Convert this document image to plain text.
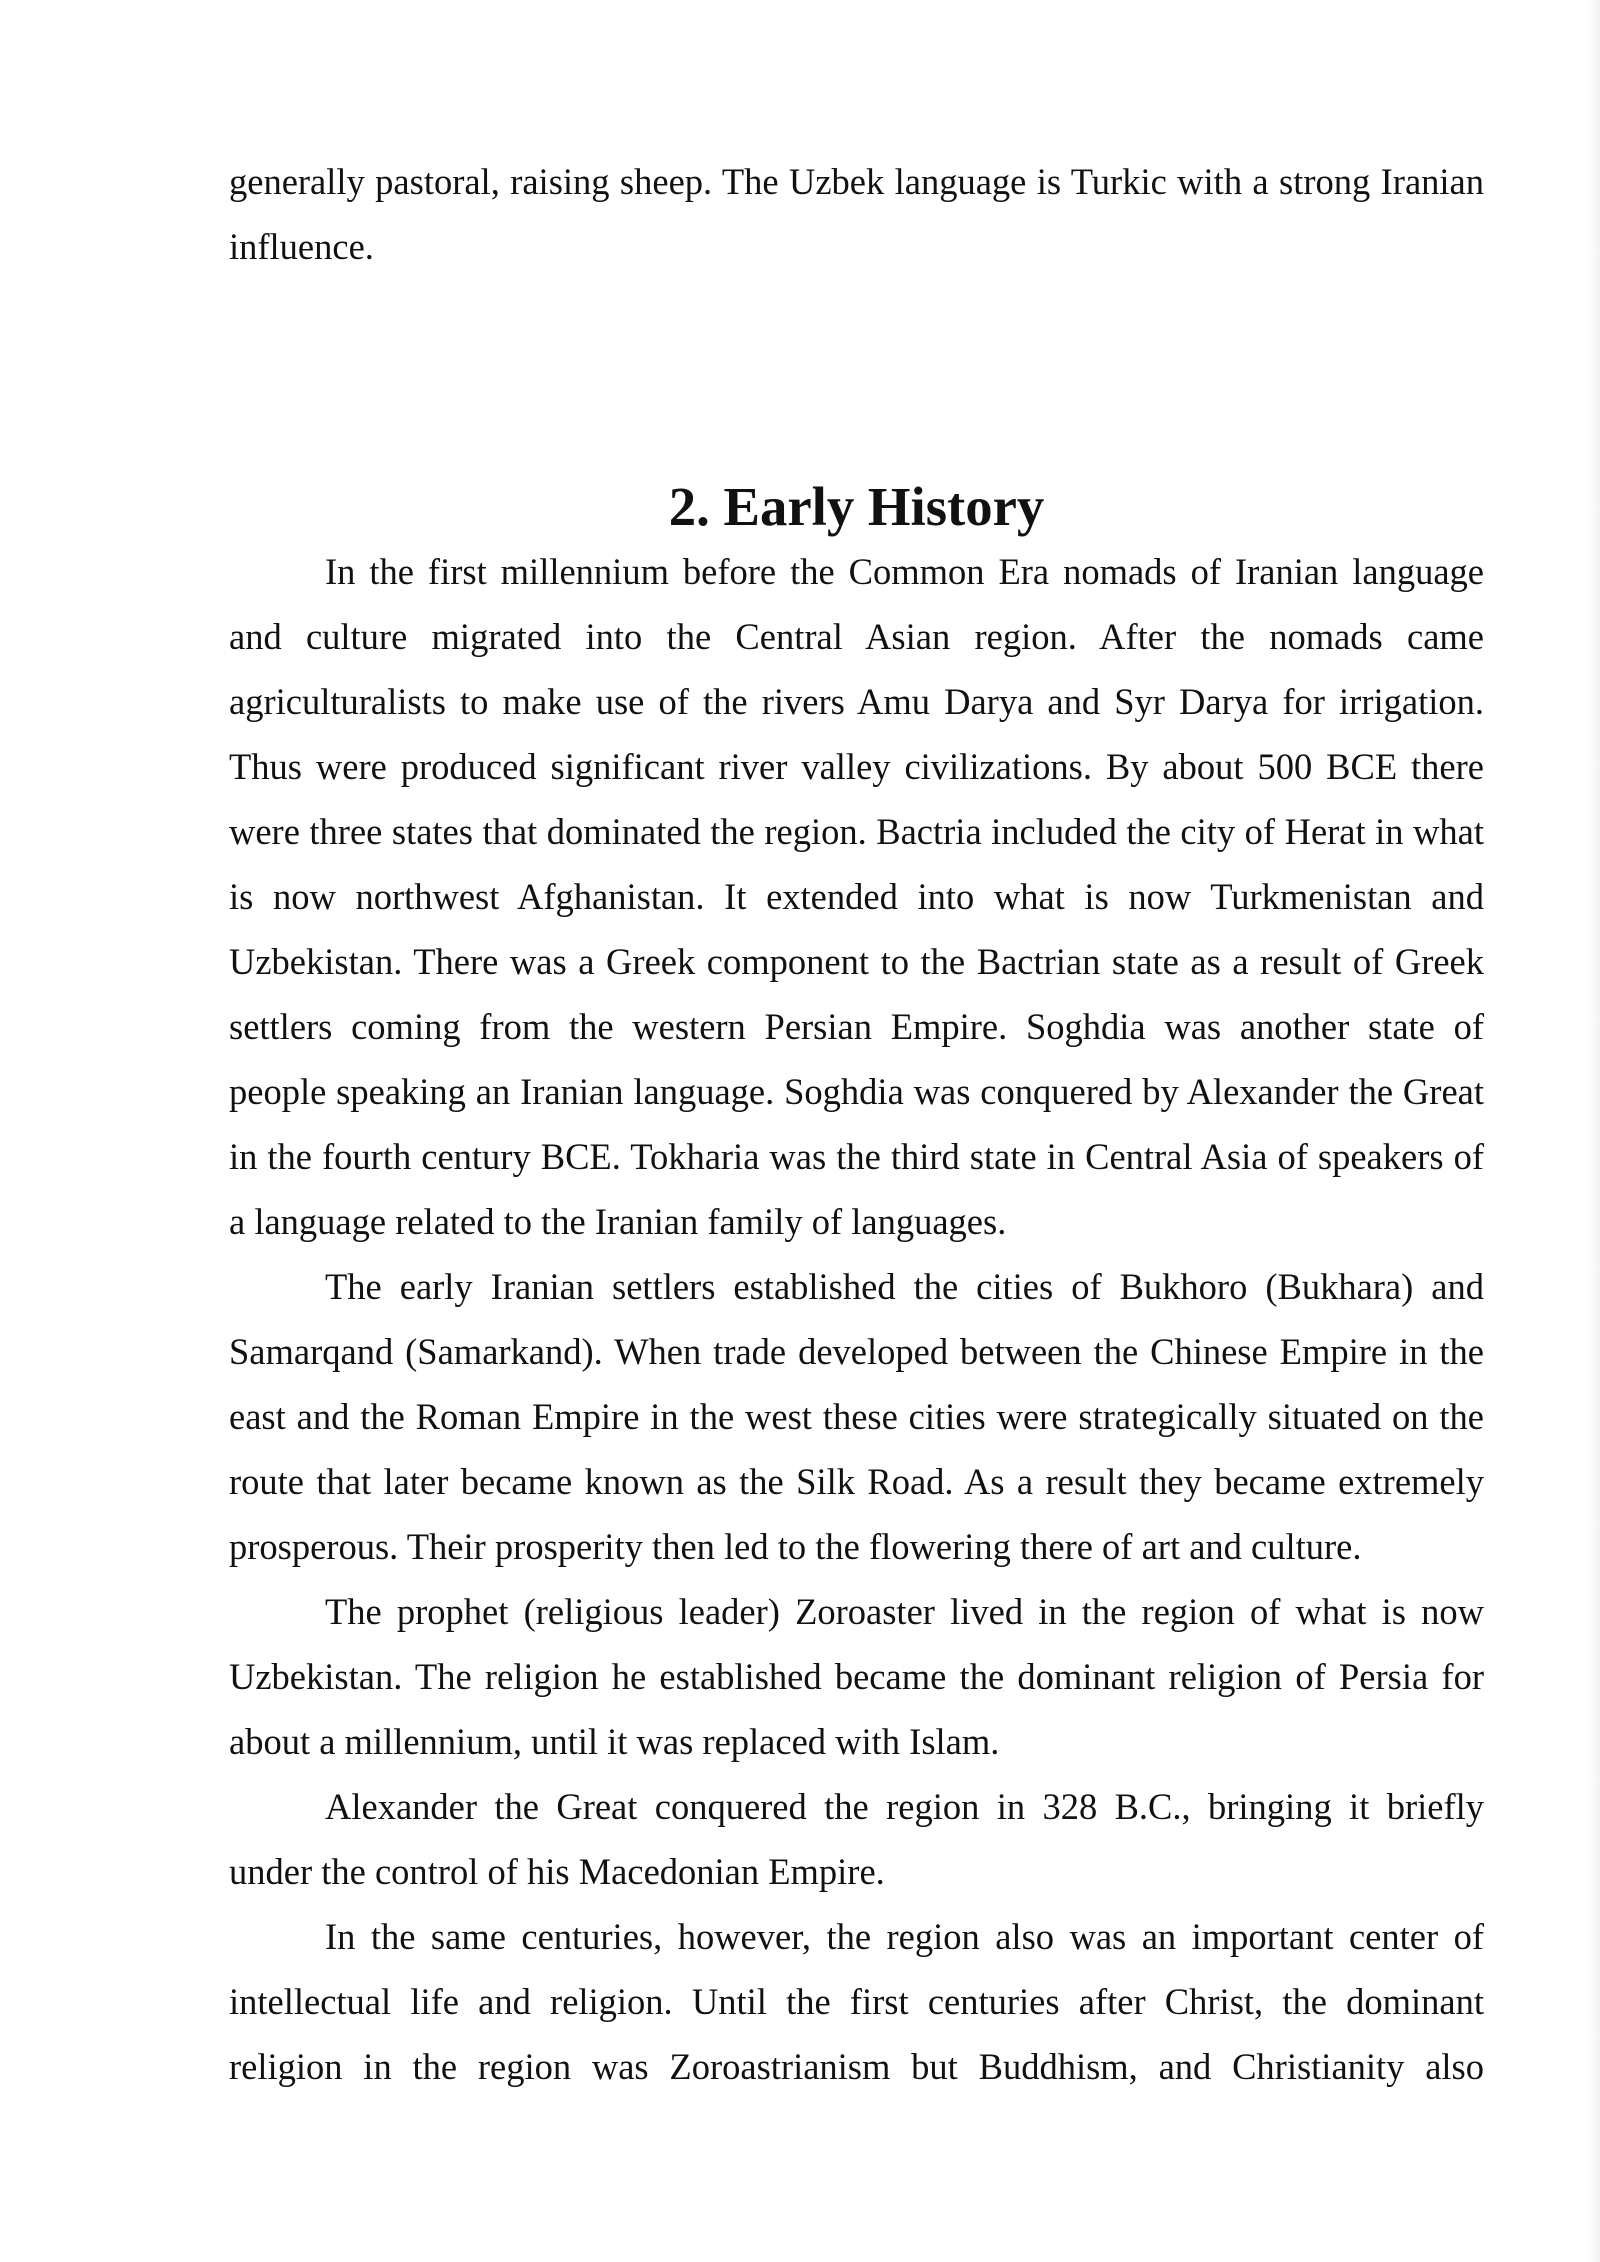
generally pastoral, raising sheep. The Uzbek language is Turkic with a strong Iranian influence.

2. Early History

In the first millennium before the Common Era nomads of Iranian language and culture migrated into the Central Asian region. After the nomads came agriculturalists to make use of the rivers Amu Darya and Syr Darya for irrigation. Thus were produced significant river valley civilizations. By about 500 BCE there were three states that dominated the region. Bactria included the city of Herat in what is now northwest Afghanistan. It extended into what is now Turkmenistan and Uzbekistan. There was a Greek component to the Bactrian state as a result of Greek settlers coming from the western Persian Empire. Soghdia was another state of people speaking an Iranian language. Soghdia was conquered by Alexander the Great in the fourth century BCE. Tokharia was the third state in Central Asia of speakers of a language related to the Iranian family of languages.

The early Iranian settlers established the cities of Bukhoro (Bukhara) and Samarqand (Samarkand). When trade developed between the Chinese Empire in the east and the Roman Empire in the west these cities were strategically situated on the route that later became known as the Silk Road. As a result they became extremely prosperous. Their prosperity then led to the flowering there of art and culture.

The prophet (religious leader) Zoroaster lived in the region of what is now Uzbekistan. The religion he established became the dominant religion of Persia for about a millennium, until it was replaced with Islam.

Alexander the Great conquered the region in 328 B.C., bringing it briefly under the control of his Macedonian Empire.

In the same centuries, however, the region also was an important center of intellectual life and religion. Until the first centuries after Christ, the dominant religion in the region was Zoroastrianism but Buddhism, and Christianity also
